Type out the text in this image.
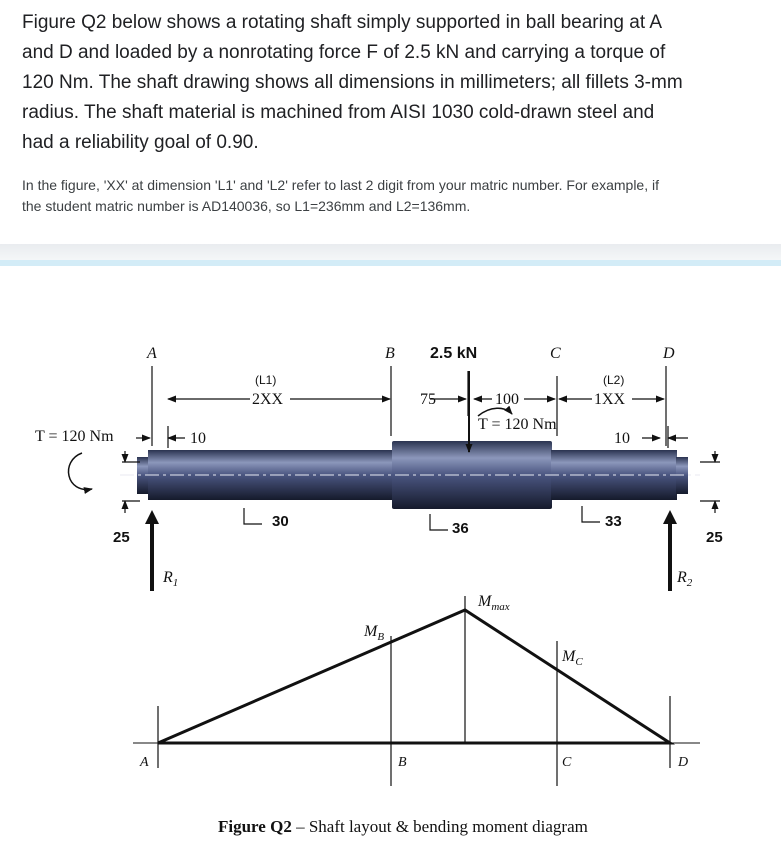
Figure Q2 below shows a rotating shaft simply supported in ball bearing at A

and D and loaded by a nonrotating force F of 2.5 kN and carrying a torque of

120 Nm. The shaft drawing shows all dimensions in millimeters; all fillets 3-mm

radius. The shaft material is machined from AISI 1030 cold-drawn steel and

had a reliability goal of 0.90.

In the figure, 'XX' at dimension 'L1' and 'L2' refer to last 2 digit from your matric number. For example, if
the student matric number is AD140036, so L1=236mm and L2=136mm.
A	B	C	D
2.5 kN
T = 120 Nm
T = 120 Nm
(L1)
2XX
(L2)
1XX
75	100
10	10
30	36	33
25	25
$R_1$	$R_2$
$M_{max}$
$M_B$
$M_C$
A	B	C	D
Figure Q2 – Shaft layout & bending moment diagram
